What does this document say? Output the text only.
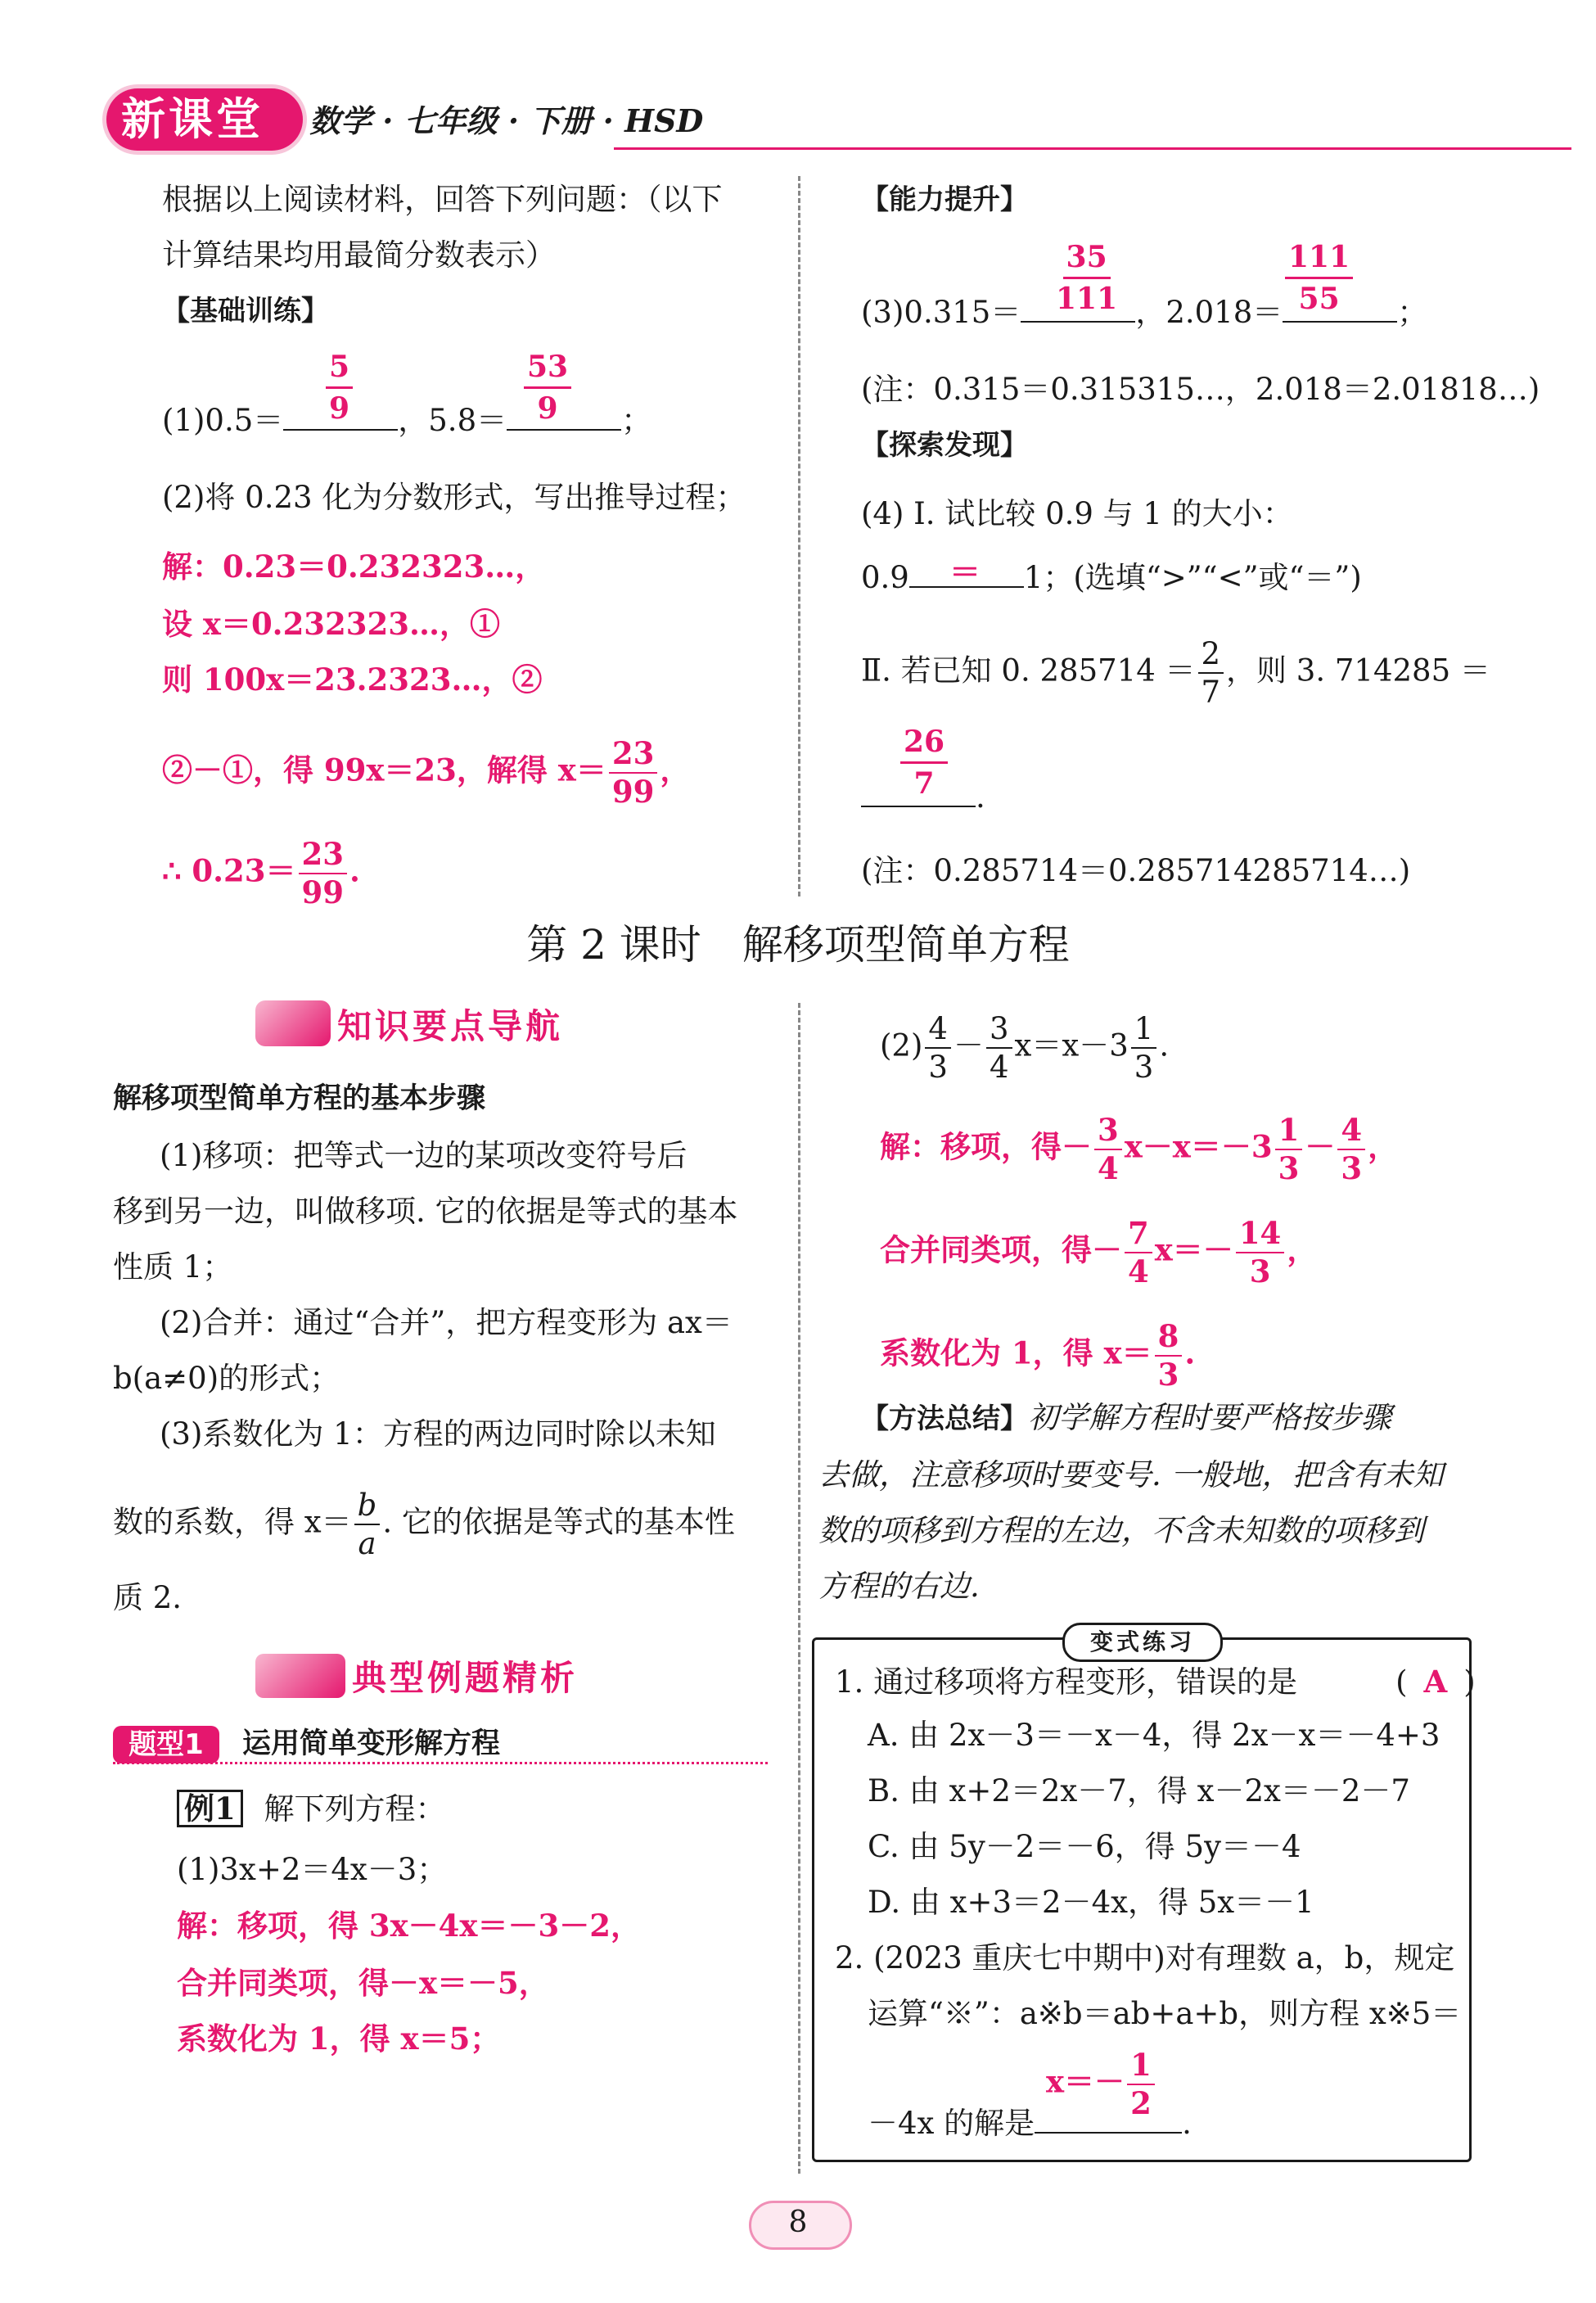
新课堂 数学 · 七年级 · 下册 · HSD
根据以上阅读材料，回答下列问题：（以下
计算结果均用最简分数表示）
【基础训练】
(1)0.5＝	，5.8＝	；
5
9
53
9
(2)将 0.23 化为分数形式，写出推导过程；
解：0.23＝0.232323…，
设 x＝0.232323…，①
则 100x＝23.2323…，②
②－①，得 99x＝23，解得 $x= \frac{23}{99}$ ，
∴ $0.23= \frac{23}{99}$ .
【能力提升】
(3)0.315＝	，2.018＝	；
35
111
111
55
(注：0.315＝0.315315…，2.018＝2.01818…)
【探索发现】
(4) Ⅰ. 试比较 0.9 与 1 的大小：
0.9	1；(选填“>”“<”或“＝”)
＝
Ⅱ. 若已知 0. $285714 = \frac{2}{7}$ ，则 3. 714285 ＝
.
26
7
(注：0.285714＝0.285714285714…)
第 2 课时　解移项型简单方程
知识要点导航
解移项型简单方程的基本步骤
(1)移项：把等式一边的某项改变符号后
移到另一边，叫做移项. 它的依据是等式的基本
性质 1；
(2)合并：通过“合并”，把方程变形为 ax＝
b(a≠0)的形式；
(3)系数化为 1：方程的两边同时除以未知
数的系数，得 $x= \frac{b}{a}$ . 它的依据是等式的基本性
质 2.
典型例题精析
题型1	运用简单变形解方程
例1 解下列方程：
(1)3x+2＝4x－3；
解：移项，得 3x－4x＝－3－2，
合并同类项，得－x＝－5，
系数化为 1，得 x＝5；
$(2) \frac{4}{3} - \frac{3}{4} x=x-3 \frac{1}{3}$ .
解：移项，得－ $\frac{3}{4} x-x=-3 \frac{1}{3} - \frac{4}{3}$ ，
合并同类项，得－ $\frac{7}{4} x=- \frac{14}{3}$ ，
系数化为 1，得 $x= \frac{8}{3}$ .
【方法总结】初学解方程时要严格按步骤
去做，注意移项时要变号. 一般地，把含有未知
数的项移到方程的左边，不含未知数的项移到
方程的右边.
变式练习
1. 通过移项将方程变形，错误的是	( A )
A. 由 2x－3＝－x－4，得 2x－x＝－4+3
B. 由 x+2＝2x－7，得 x－2x＝－2－7
C. 由 5y－2＝－6，得 5y＝－4
D. 由 x+3＝2－4x，得 5x＝－1
2. (2023 重庆七中期中)对有理数 a，b，规定
运算“※”：a※b＝ab+a+b，则方程 x※5＝
－4x 的解是	.
$x=- \frac{1}{2}$
8
